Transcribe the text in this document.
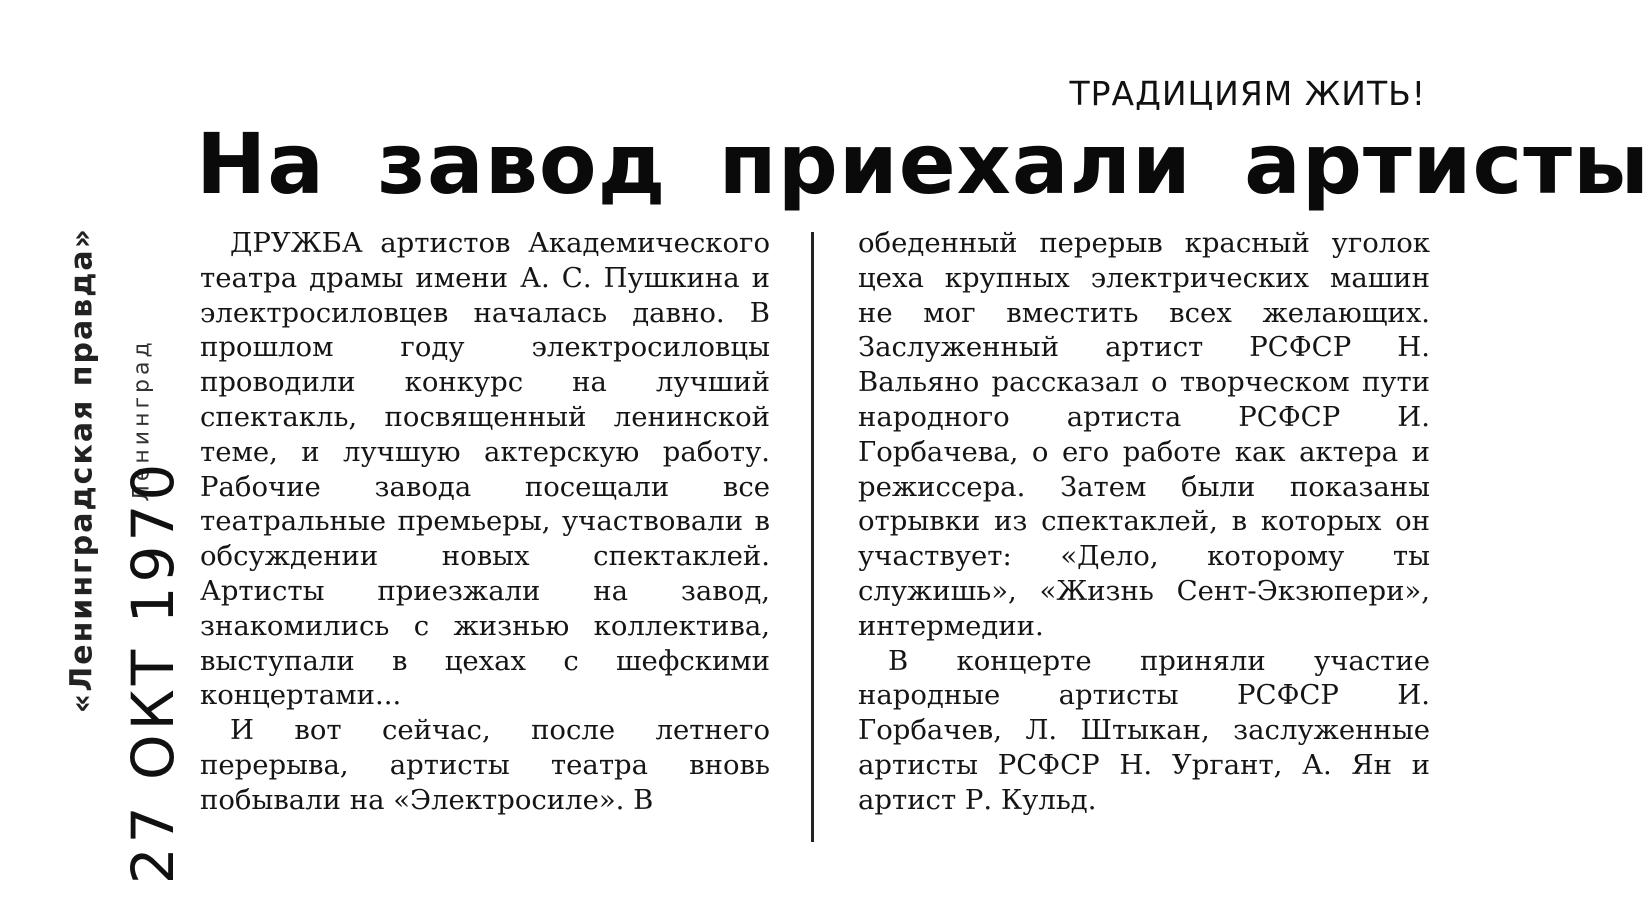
«Ленинградская правда» Ленинград
27 ОКТ 1970
ТРАДИЦИЯМ ЖИТЬ!
На завод приехали артисты

ДРУЖБА артистов Академического театра драмы имени А. С. Пушкина и электросиловцев началась давно. В прошлом году электросиловцы проводили конкурс на лучший спектакль, посвященный ленинской теме, и лучшую актерскую работу. Рабочие завода посещали все театральные премьеры, участвовали в обсуждении новых спектаклей. Артисты приезжали на завод, знакомились с жизнью коллектива, выступали в цехах с шефскими концертами...

И вот сейчас, после летнего перерыва, артисты театра вновь побывали на «Электросиле». В

обеденный перерыв красный уголок цеха крупных электрических машин не мог вместить всех желающих. Заслуженный артист РСФСР Н. Вальяно рассказал о творческом пути народного артиста РСФСР И. Горбачева, о его работе как актера и режиссера. Затем были показаны отрывки из спектаклей, в которых он участвует: «Дело, которому ты служишь», «Жизнь Сент-Экзюпери», интермедии.

В концерте приняли участие народные артисты РСФСР И. Горбачев, Л. Штыкан, заслуженные артисты РСФСР Н. Ургант, А. Ян и артист Р. Кульд.
